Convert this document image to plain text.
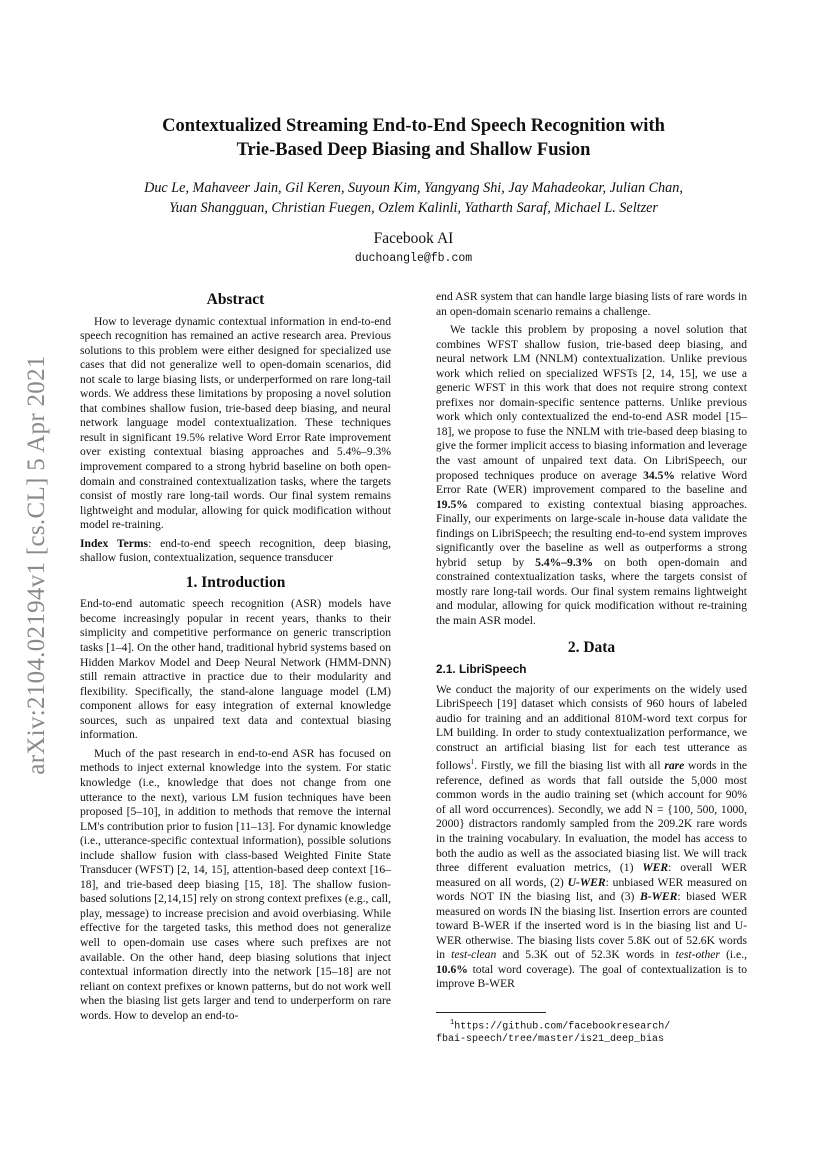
arXiv:2104.02194v1 [cs.CL] 5 Apr 2021
Contextualized Streaming End-to-End Speech Recognition with
Trie-Based Deep Biasing and Shallow Fusion
Duc Le, Mahaveer Jain, Gil Keren, Suyoun Kim, Yangyang Shi, Jay Mahadeokar, Julian Chan,
Yuan Shangguan, Christian Fuegen, Ozlem Kalinli, Yatharth Saraf, Michael L. Seltzer
Facebook AI
duchoangle@fb.com
Abstract

How to leverage dynamic contextual information in end-to-end speech recognition has remained an active research area. Previous solutions to this problem were either designed for specialized use cases that did not generalize well to open-domain scenarios, did not scale to large biasing lists, or underperformed on rare long-tail words. We address these limitations by proposing a novel solution that combines shallow fusion, trie-based deep biasing, and neural network language model contextualization. These techniques result in significant 19.5% relative Word Error Rate improvement over existing contextual biasing approaches and 5.4%–9.3% improvement compared to a strong hybrid baseline on both open-domain and constrained contextualization tasks, where the targets consist of mostly rare long-tail words. Our final system remains lightweight and modular, allowing for quick modification without model re-training.

Index Terms: end-to-end speech recognition, deep biasing, shallow fusion, contextualization, sequence transducer

1. Introduction

End-to-end automatic speech recognition (ASR) models have become increasingly popular in recent years, thanks to their simplicity and competitive performance on generic transcription tasks [1–4]. On the other hand, traditional hybrid systems based on Hidden Markov Model and Deep Neural Network (HMM-DNN) still remain attractive in practice due to their modularity and flexibility. Specifically, the stand-alone language model (LM) component allows for easy integration of external knowledge sources, such as unpaired text data and contextual biasing information.

Much of the past research in end-to-end ASR has focused on methods to inject external knowledge into the system. For static knowledge (i.e., knowledge that does not change from one utterance to the next), various LM fusion techniques have been proposed [5–10], in addition to methods that remove the internal LM's contribution prior to fusion [11–13]. For dynamic knowledge (i.e., utterance-specific contextual information), possible solutions include shallow fusion with class-based Weighted Finite State Transducer (WFST) [2, 14, 15], attention-based deep context [16–18], and trie-based deep biasing [15, 18]. The shallow fusion-based solutions [2,14,15] rely on strong context prefixes (e.g., call, play, message) to increase precision and avoid overbiasing. While effective for the targeted tasks, this method does not generalize well to open-domain use cases where such prefixes are not available. On the other hand, deep biasing solutions that inject contextual information directly into the network [15–18] are not reliant on context prefixes or known patterns, but do not work well when the biasing list gets larger and tend to underperform on rare words. How to develop an end-to-

end ASR system that can handle large biasing lists of rare words in an open-domain scenario remains a challenge.

We tackle this problem by proposing a novel solution that combines WFST shallow fusion, trie-based deep biasing, and neural network LM (NNLM) contextualization. Unlike previous work which relied on specialized WFSTs [2, 14, 15], we use a generic WFST in this work that does not require strong context prefixes nor domain-specific sentence patterns. Unlike previous work which only contextualized the end-to-end ASR model [15–18], we propose to fuse the NNLM with trie-based deep biasing to give the former implicit access to biasing information and leverage the vast amount of unpaired text data. On LibriSpeech, our proposed techniques produce on average 34.5% relative Word Error Rate (WER) improvement compared to the baseline and 19.5% compared to existing contextual biasing approaches. Finally, our experiments on large-scale in-house data validate the findings on LibriSpeech; the resulting end-to-end system improves significantly over the baseline as well as outperforms a strong hybrid setup by 5.4%–9.3% on both open-domain and constrained contextualization tasks, where the targets consist of mostly rare long-tail words. Our final system remains lightweight and modular, allowing for quick modification without re-training the main ASR model.

2. Data
2.1. LibriSpeech

We conduct the majority of our experiments on the widely used LibriSpeech [19] dataset which consists of 960 hours of labeled audio for training and an additional 810M-word text corpus for LM building. In order to study contextualization performance, we construct an artificial biasing list for each test utterance as follows$^1$. Firstly, we fill the biasing list with all rare words in the reference, defined as words that fall outside the 5,000 most common words in the audio training set (which account for 90% of all word occurrences). Secondly, we add N = {100, 500, 1000, 2000} distractors randomly sampled from the 209.2K rare words in the training vocabulary. In evaluation, the model has access to both the audio as well as the associated biasing list. We will track three different evaluation metrics, (1) WER: overall WER measured on all words, (2) U-WER: unbiased WER measured on words NOT IN the biasing list, and (3) B-WER: biased WER measured on words IN the biasing list. Insertion errors are counted toward B-WER if the inserted word is in the biasing list and U-WER otherwise. The biasing lists cover 5.8K out of 52.6K words in test-clean and 5.3K out of 52.3K words in test-other (i.e., 10.6% total word coverage). The goal of contextualization is to improve B-WER

$^1$https://github.com/facebookresearch/
fbai-speech/tree/master/is21_deep_bias
